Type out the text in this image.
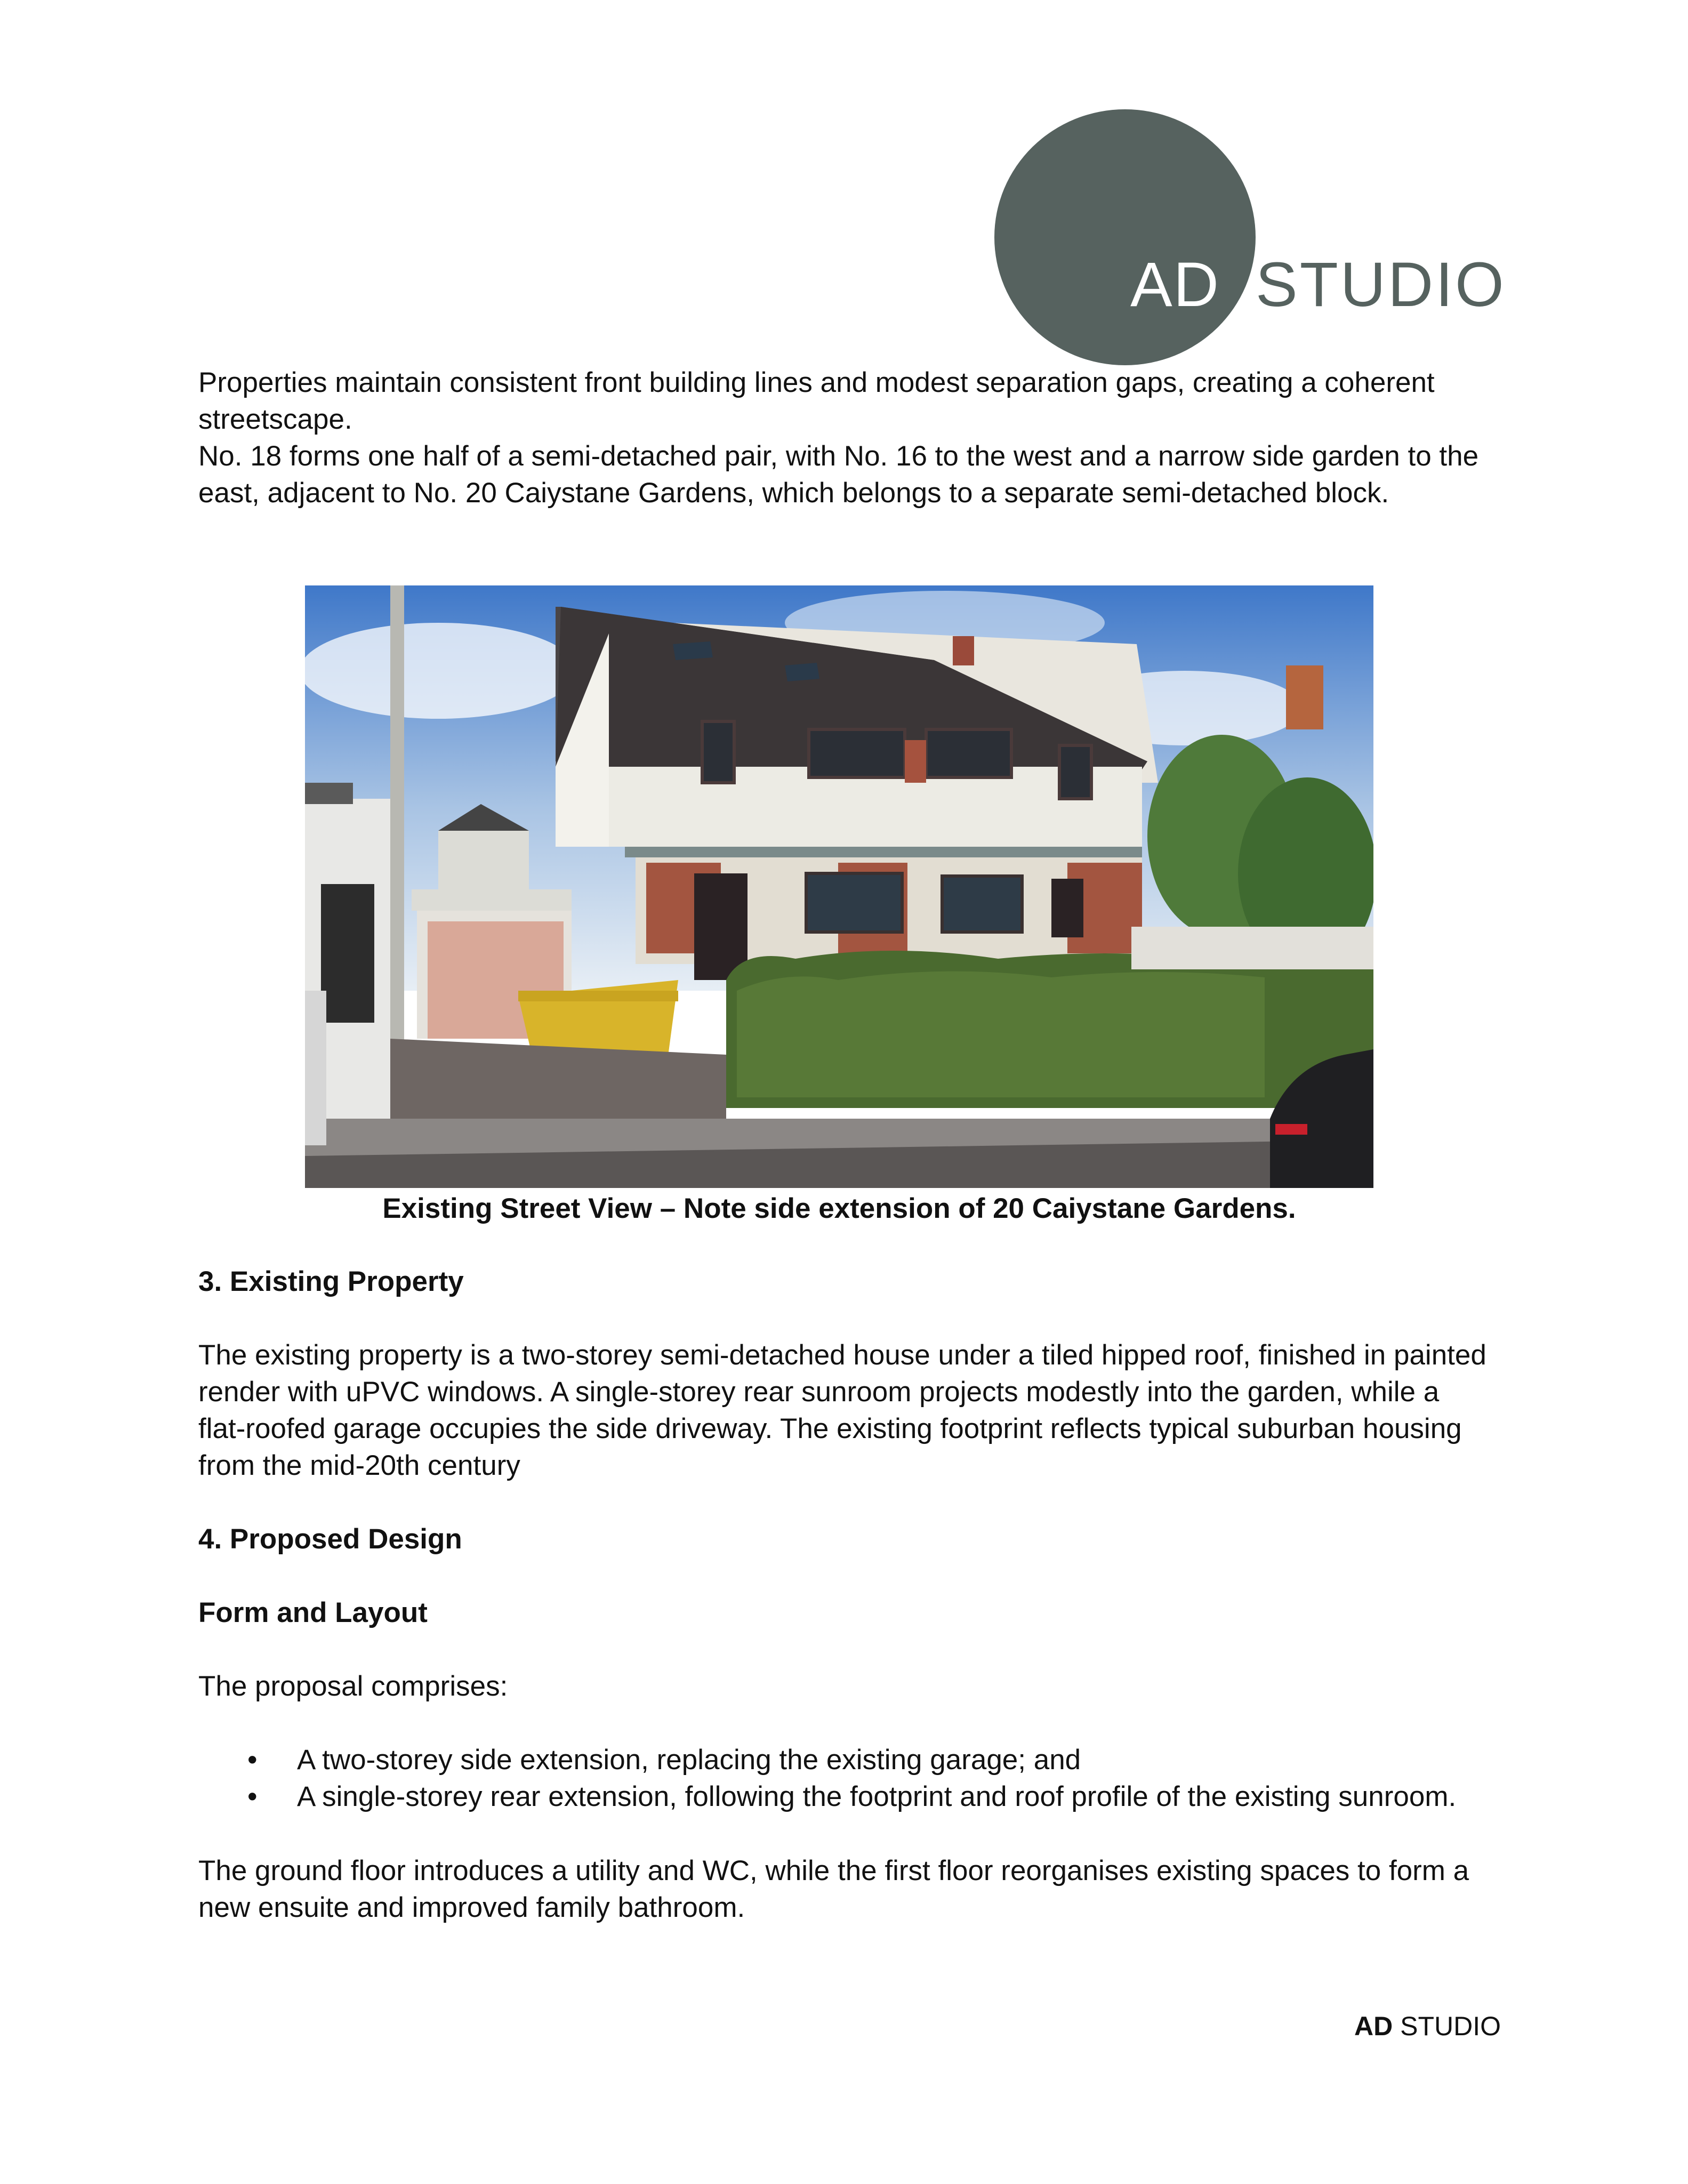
AD STUDIO

Properties maintain consistent front building lines and modest separation gaps, creating a coherent streetscape.

No. 18 forms one half of a semi-detached pair, with No. 16 to the west and a narrow side garden to the east, adjacent to No. 20 Caiystane Gardens, which belongs to a separate semi-detached block.

Existing Street View – Note side extension of 20 Caiystane Gardens.

3. Existing Property

The existing property is a two-storey semi-detached house under a tiled hipped roof, finished in painted render with uPVC windows. A single-storey rear sunroom projects modestly into the garden, while a flat-roofed garage occupies the side driveway. The existing footprint reflects typical suburban housing from the mid-20th century

4. Proposed Design

Form and Layout

The proposal comprises:

• A two-storey side extension, replacing the existing garage; and
• A single-storey rear extension, following the footprint and roof profile of the existing sunroom.

The ground floor introduces a utility and WC, while the first floor reorganises existing spaces to form a new ensuite and improved family bathroom.

AD STUDIO
